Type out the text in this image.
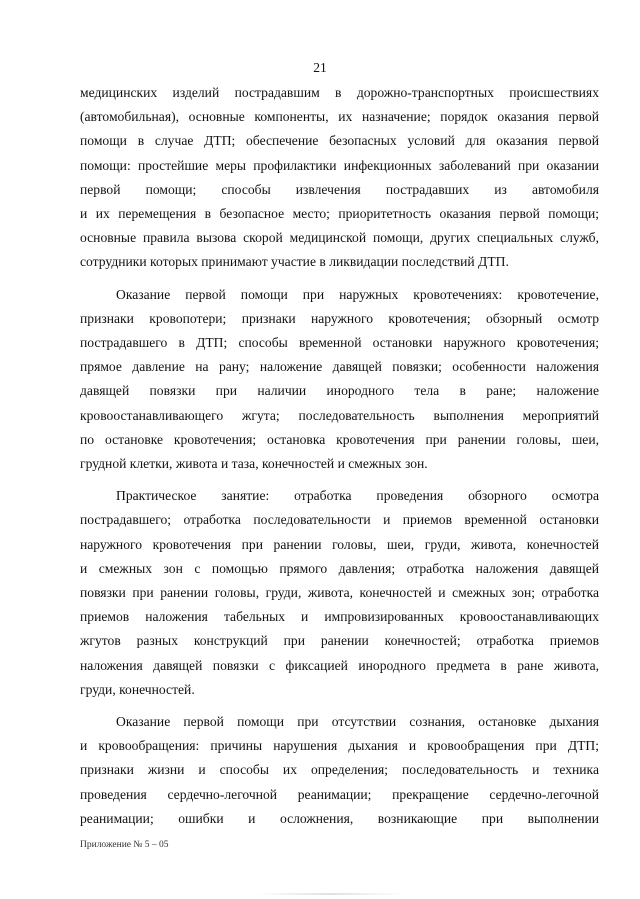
21

медицинских изделий пострадавшим в дорожно-транспортных происшествиях
(автомобильная), основные компоненты, их назначение; порядок оказания первой
помощи в случае ДТП; обеспечение безопасных условий для оказания первой
помощи: простейшие меры профилактики инфекционных заболеваний при оказании
первой помощи; способы извлечения пострадавших из автомобиля
и их перемещения в безопасное место; приоритетность оказания первой помощи;
основные правила вызова скорой медицинской помощи, других специальных служб,
сотрудники которых принимают участие в ликвидации последствий ДТП.

Оказание первой помощи при наружных кровотечениях: кровотечение,
признаки кровопотери; признаки наружного кровотечения; обзорный осмотр
пострадавшего в ДТП; способы временной остановки наружного кровотечения;
прямое давление на рану; наложение давящей повязки; особенности наложения
давящей повязки при наличии инородного тела в ране; наложение
кровоостанавливающего жгута; последовательность выполнения мероприятий
по остановке кровотечения; остановка кровотечения при ранении головы, шеи,
грудной клетки, живота и таза, конечностей и смежных зон.

Практическое занятие: отработка проведения обзорного осмотра
пострадавшего; отработка последовательности и приемов временной остановки
наружного кровотечения при ранении головы, шеи, груди, живота, конечностей
и смежных зон с помощью прямого давления; отработка наложения давящей
повязки при ранении головы, груди, живота, конечностей и смежных зон; отработка
приемов наложения табельных и импровизированных кровоостанавливающих
жгутов разных конструкций при ранении конечностей; отработка приемов
наложения давящей повязки с фиксацией инородного предмета в ране живота,
груди, конечностей.

Оказание первой помощи при отсутствии сознания, остановке дыхания
и кровообращения: причины нарушения дыхания и кровообращения при ДТП;
признаки жизни и способы их определения; последовательность и техника
проведения сердечно-легочной реанимации; прекращение сердечно-легочной
реанимации; ошибки и осложнения, возникающие при выполнении

Приложение № 5 – 05
